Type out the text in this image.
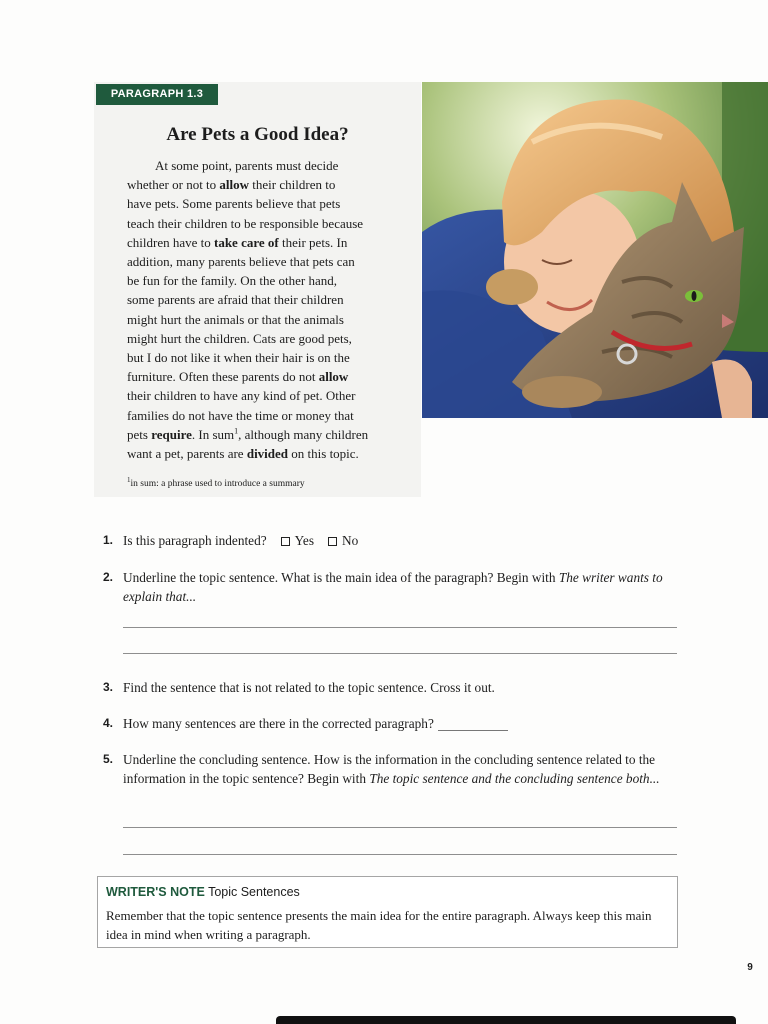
PARAGRAPH 1.3
Are Pets a Good Idea?

At some point, parents must decide
whether or not to allow their children to
have pets. Some parents believe that pets
teach their children to be responsible because
children have to take care of their pets. In
addition, many parents believe that pets can
be fun for the family. On the other hand,
some parents are afraid that their children
might hurt the animals or that the animals
might hurt the children. Cats are good pets,
but I do not like it when their hair is on the
furniture. Often these parents do not allow
their children to have any kind of pet. Other
families do not have the time or money that
pets require. In sum$^1$, although many children
want a pet, parents are divided on this topic.

$^1$in sum: a phrase used to introduce a summary
1. Is this paragraph indented? Yes No
2. Underline the topic sentence. What is the main idea of the paragraph? Begin with The writer wants to explain that...
3. Find the sentence that is not related to the topic sentence. Cross it out.
4. How many sentences are there in the corrected paragraph?
5. Underline the concluding sentence. How is the information in the concluding sentence related to the information in the topic sentence? Begin with The topic sentence and the concluding sentence both...
WRITER'S NOTE Topic Sentences
Remember that the topic sentence presents the main idea for the entire paragraph. Always keep this main idea in mind when writing a paragraph.
9
